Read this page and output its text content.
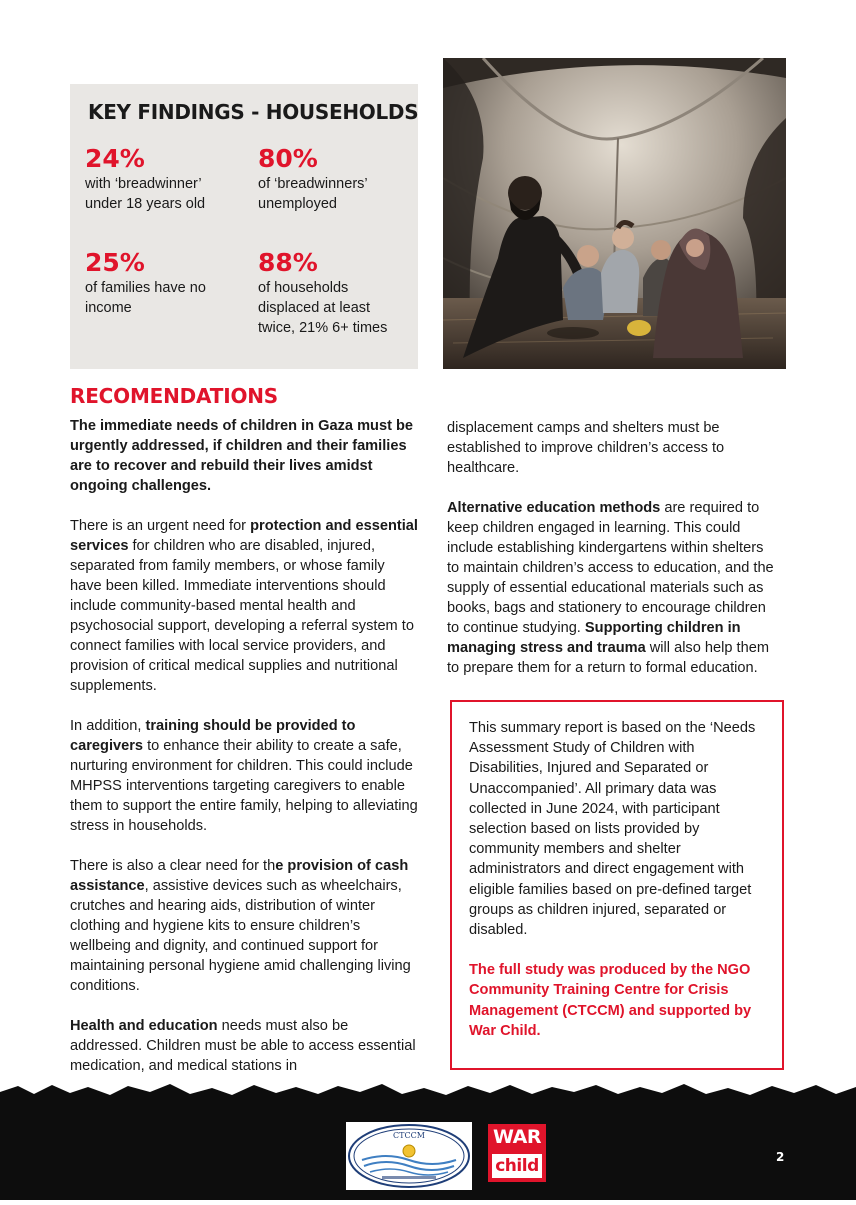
KEY FINDINGS - HOUSEHOLDS
24%
with ‘breadwinner’ under 18 years old
80%
of ‘breadwinners’ unemployed
25%
of families have no income
88%
of households displaced at least twice, 21% 6+ times
RECOMENDATIONS

The immediate needs of children in Gaza must be urgently addressed, if children and their families are to recover and rebuild their lives amidst ongoing challenges.

There is an urgent need for protection and essential services for children who are disabled, injured, separated from family members, or whose family have been killed. Immediate interventions should include community-based mental health and psychosocial support, developing a referral system to connect families with local service providers, and provision of critical medical supplies and nutritional supplements.

In addition, training should be provided to caregivers to enhance their ability to create a safe, nurturing environment for children. This could include MHPSS interventions targeting caregivers to enable them to support the entire family, helping to alleviating stress in households.

There is also a clear need for the provision of cash assistance, assistive devices such as wheelchairs, crutches and hearing aids, distribution of winter clothing and hygiene kits to ensure children’s wellbeing and dignity, and continued support for maintaining personal hygiene amid challenging living conditions.

Health and education needs must also be addressed. Children must be able to access essential medication, and medical stations in

displacement camps and shelters must be established to improve children’s access to healthcare.

Alternative education methods are required to keep children engaged in learning. This could include establishing kindergartens within shelters to maintain children’s access to education, and the supply of essential educational materials such as books, bags and stationery to encourage children to continue studying. Supporting children in managing stress and trauma will also help them to prepare them for a return to formal education.

This summary report is based on the ‘Needs Assessment Study of Children with Disabilities, Injured and Separated or Unaccompanied’. All primary data was collected in June 2024, with participant selection based on lists provided by community members and shelter administrators and direct engagement with eligible families based on pre-defined target groups as children injured, separated or disabled.

The full study was produced by the NGO Community Training Centre for Crisis Management (CTCCM) and supported by War Child.

CTCCM	WAR
child	2
